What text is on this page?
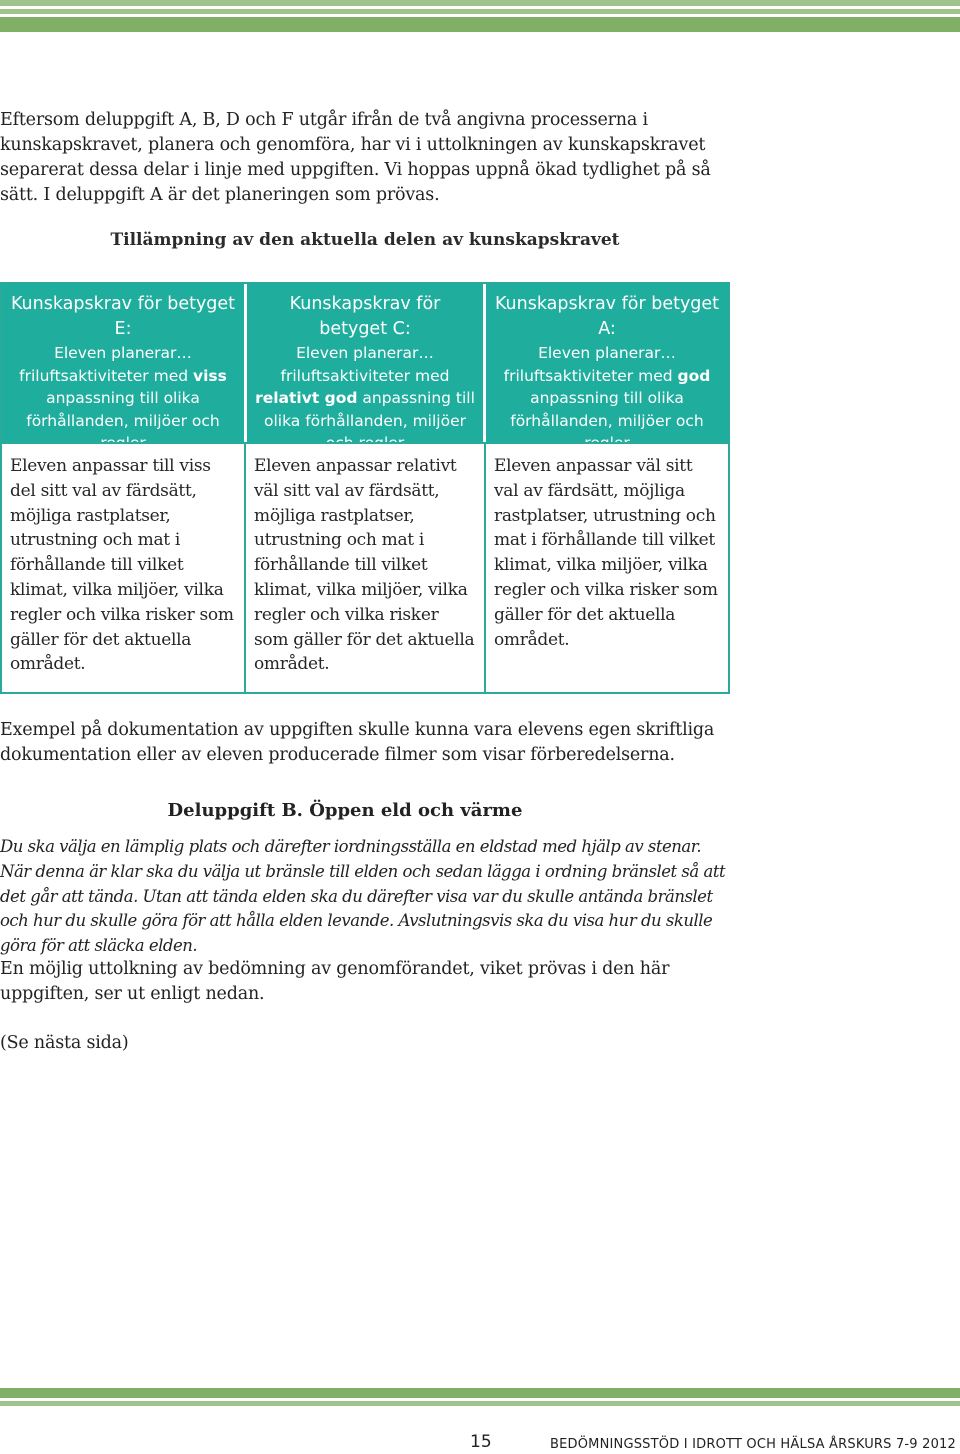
Eftersom deluppgift A, B, D och F utgår ifrån de två angivna processerna i kunskapskravet, planera och genomföra, har vi i uttolkningen av kunskapskravet separerat dessa delar i linje med uppgiften. Vi hoppas uppnå ökad tydlighet på så sätt. I deluppgift A är det planeringen som prövas.

Tillämpning av den aktuella delen av kunskapskravet

Kunskapskrav för betyget E:
Eleven planerar…friluftsaktiviteter med viss anpassning till olika förhållanden, miljöer och regler
Kunskapskrav för betyget C:
Eleven planerar…friluftsaktiviteter med relativt god anpassning till olika förhållanden, miljöer och regler
Kunskapskrav för betyget A:
Eleven planerar…friluftsaktiviteter med god anpassning till olika förhållanden, miljöer och regler
Eleven anpassar till viss del sitt val av färdsätt, möjliga rastplatser, utrustning och mat i förhållande till vilket klimat, vilka miljöer, vilka regler och vilka risker som gäller för det aktuella området.
Eleven anpassar relativt väl sitt val av färdsätt, möjliga rastplatser, utrustning och mat i förhållande till vilket klimat, vilka miljöer, vilka regler och vilka risker som gäller för det aktuella området.
Eleven anpassar väl sitt val av färdsätt, möjliga rastplatser, utrustning och mat i förhållande till vilket klimat, vilka miljöer, vilka regler och vilka risker som gäller för det aktuella området.

Exempel på dokumentation av uppgiften skulle kunna vara elevens egen skriftliga dokumentation eller av eleven producerade filmer som visar förberedelserna.

Deluppgift B. Öppen eld och värme

Du ska välja en lämplig plats och därefter iordningsställa en eldstad med hjälp av stenar. När denna är klar ska du välja ut bränsle till elden och sedan lägga i ordning bränslet så att det går att tända. Utan att tända elden ska du därefter visa var du skulle antända bränslet och hur du skulle göra för att hålla elden levande. Avslutningsvis ska du visa hur du skulle göra för att släcka elden.

En möjlig uttolkning av bedömning av genomförandet, viket prövas i den här uppgiften, ser ut enligt nedan.

(Se nästa sida)

15	BEDÖMNINGSSTÖD I IDROTT OCH HÄLSA ÅRSKURS 7-9 2012
